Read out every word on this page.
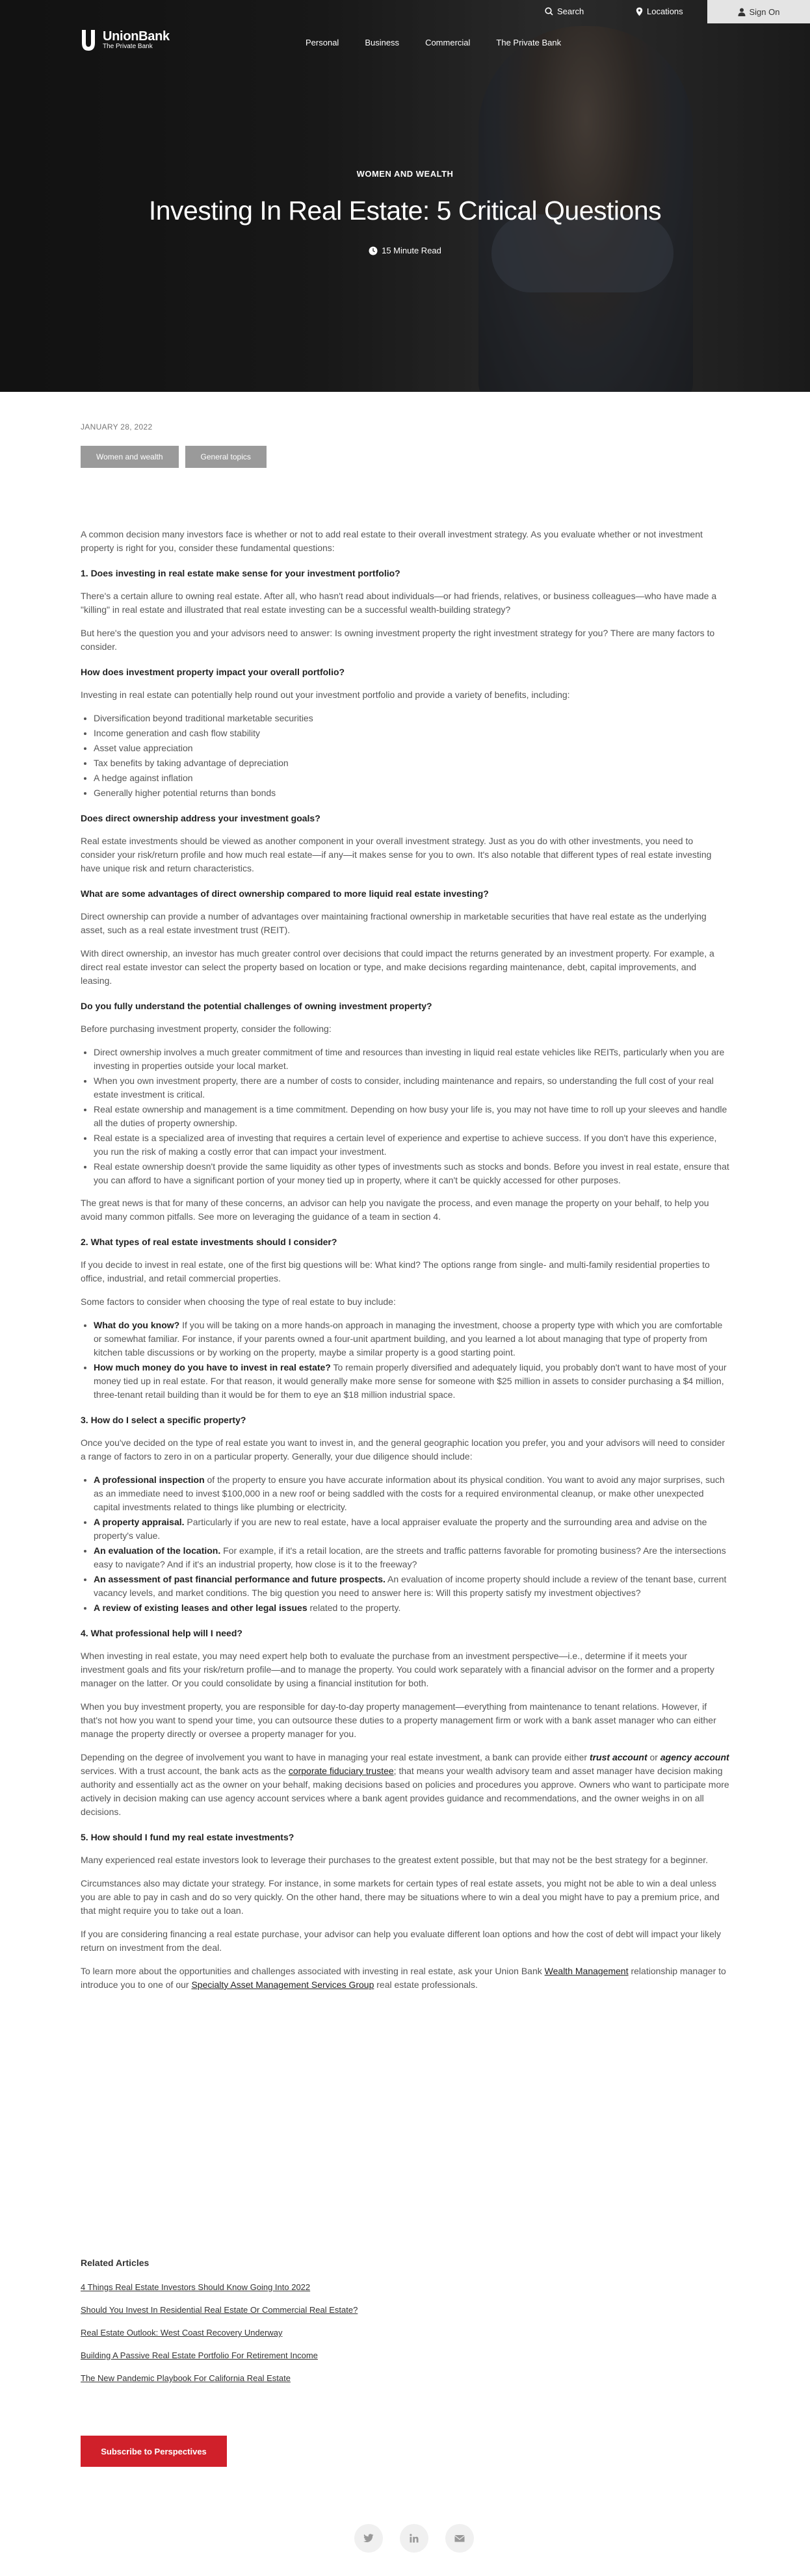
UnionBank
The Private Bank	Personal	Business	Commercial	The Private Bank
WOMEN AND WEALTH
Investing In Real Estate: 5 Critical Questions
15 Minute Read
Search	Locations	Sign On
JANUARY 28, 2022
Women and wealth	General topics

A common decision many investors face is whether or not to add real estate to their overall investment strategy. As you evaluate whether or not investment property is right for you, consider these fundamental questions:

1. Does investing in real estate make sense for your investment portfolio?

There's a certain allure to owning real estate. After all, who hasn't read about individuals—or had friends, relatives, or business colleagues—who have made a "killing" in real estate and illustrated that real estate investing can be a successful wealth-building strategy?

But here's the question you and your advisors need to answer: Is owning investment property the right investment strategy for you? There are many factors to consider.

How does investment property impact your overall portfolio?

Investing in real estate can potentially help round out your investment portfolio and provide a variety of benefits, including:

• Diversification beyond traditional marketable securities
• Income generation and cash flow stability
• Asset value appreciation
• Tax benefits by taking advantage of depreciation
• A hedge against inflation
• Generally higher potential returns than bonds
Does direct ownership address your investment goals?

Real estate investments should be viewed as another component in your overall investment strategy. Just as you do with other investments, you need to consider your risk/return profile and how much real estate—if any—it makes sense for you to own. It's also notable that different types of real estate investing have unique risk and return characteristics.

What are some advantages of direct ownership compared to more liquid real estate investing?

Direct ownership can provide a number of advantages over maintaining fractional ownership in marketable securities that have real estate as the underlying asset, such as a real estate investment trust (REIT).

With direct ownership, an investor has much greater control over decisions that could impact the returns generated by an investment property. For example, a direct real estate investor can select the property based on location or type, and make decisions regarding maintenance, debt, capital improvements, and leasing.

Do you fully understand the potential challenges of owning investment property?

Before purchasing investment property, consider the following:

• Direct ownership involves a much greater commitment of time and resources than investing in liquid real estate vehicles like REITs, particularly when you are investing in properties outside your local market.
• When you own investment property, there are a number of costs to consider, including maintenance and repairs, so understanding the full cost of your real estate investment is critical.
• Real estate ownership and management is a time commitment. Depending on how busy your life is, you may not have time to roll up your sleeves and handle all the duties of property ownership.
• Real estate is a specialized area of investing that requires a certain level of experience and expertise to achieve success. If you don't have this experience, you run the risk of making a costly error that can impact your investment.
• Real estate ownership doesn't provide the same liquidity as other types of investments such as stocks and bonds. Before you invest in real estate, ensure that you can afford to have a significant portion of your money tied up in property, where it can't be quickly accessed for other purposes.

The great news is that for many of these concerns, an advisor can help you navigate the process, and even manage the property on your behalf, to help you avoid many common pitfalls. See more on leveraging the guidance of a team in section 4.

2. What types of real estate investments should I consider?

If you decide to invest in real estate, one of the first big questions will be: What kind? The options range from single- and multi-family residential properties to office, industrial, and retail commercial properties.

Some factors to consider when choosing the type of real estate to buy include:

• What do you know? If you will be taking on a more hands-on approach in managing the investment, choose a property type with which you are comfortable or somewhat familiar. For instance, if your parents owned a four-unit apartment building, and you learned a lot about managing that type of property from kitchen table discussions or by working on the property, maybe a similar property is a good starting point.
• How much money do you have to invest in real estate? To remain properly diversified and adequately liquid, you probably don't want to have most of your money tied up in real estate. For that reason, it would generally make more sense for someone with $25 million in assets to consider purchasing a $4 million, three-tenant retail building than it would be for them to eye an $18 million industrial space.
3. How do I select a specific property?

Once you've decided on the type of real estate you want to invest in, and the general geographic location you prefer, you and your advisors will need to consider a range of factors to zero in on a particular property. Generally, your due diligence should include:

• A professional inspection of the property to ensure you have accurate information about its physical condition. You want to avoid any major surprises, such as an immediate need to invest $100,000 in a new roof or being saddled with the costs for a required environmental cleanup, or make other unexpected capital investments related to things like plumbing or electricity.
• A property appraisal. Particularly if you are new to real estate, have a local appraiser evaluate the property and the surrounding area and advise on the property's value.
• An evaluation of the location. For example, if it's a retail location, are the streets and traffic patterns favorable for promoting business? Are the intersections easy to navigate? And if it's an industrial property, how close is it to the freeway?
• An assessment of past financial performance and future prospects. An evaluation of income property should include a review of the tenant base, current vacancy levels, and market conditions. The big question you need to answer here is: Will this property satisfy my investment objectives?
• A review of existing leases and other legal issues related to the property.
4. What professional help will I need?

When investing in real estate, you may need expert help both to evaluate the purchase from an investment perspective—i.e., determine if it meets your investment goals and fits your risk/return profile—and to manage the property. You could work separately with a financial advisor on the former and a property manager on the latter. Or you could consolidate by using a financial institution for both.

When you buy investment property, you are responsible for day-to-day property management—everything from maintenance to tenant relations. However, if that's not how you want to spend your time, you can outsource these duties to a property management firm or work with a bank asset manager who can either manage the property directly or oversee a property manager for you.

Depending on the degree of involvement you want to have in managing your real estate investment, a bank can provide either trust account or agency account services. With a trust account, the bank acts as the corporate fiduciary trustee; that means your wealth advisory team and asset manager have decision making authority and essentially act as the owner on your behalf, making decisions based on policies and procedures you approve. Owners who want to participate more actively in decision making can use agency account services where a bank agent provides guidance and recommendations, and the owner weighs in on all decisions.

5. How should I fund my real estate investments?

Many experienced real estate investors look to leverage their purchases to the greatest extent possible, but that may not be the best strategy for a beginner.

Circumstances also may dictate your strategy. For instance, in some markets for certain types of real estate assets, you might not be able to win a deal unless you are able to pay in cash and do so very quickly. On the other hand, there may be situations where to win a deal you might have to pay a premium price, and that might require you to take out a loan.

If you are considering financing a real estate purchase, your advisor can help you evaluate different loan options and how the cost of debt will impact your likely return on investment from the deal.

To learn more about the opportunities and challenges associated with investing in real estate, ask your Union Bank Wealth Management relationship manager to introduce you to one of our Specialty Asset Management Services Group real estate professionals.

Related Articles
4 Things Real Estate Investors Should Know Going Into 2022
Should You Invest In Residential Real Estate Or Commercial Real Estate?
Real Estate Outlook: West Coast Recovery Underway
Building A Passive Real Estate Portfolio For Retirement Income
The New Pandemic Playbook For California Real Estate
Subscribe to Perspectives
